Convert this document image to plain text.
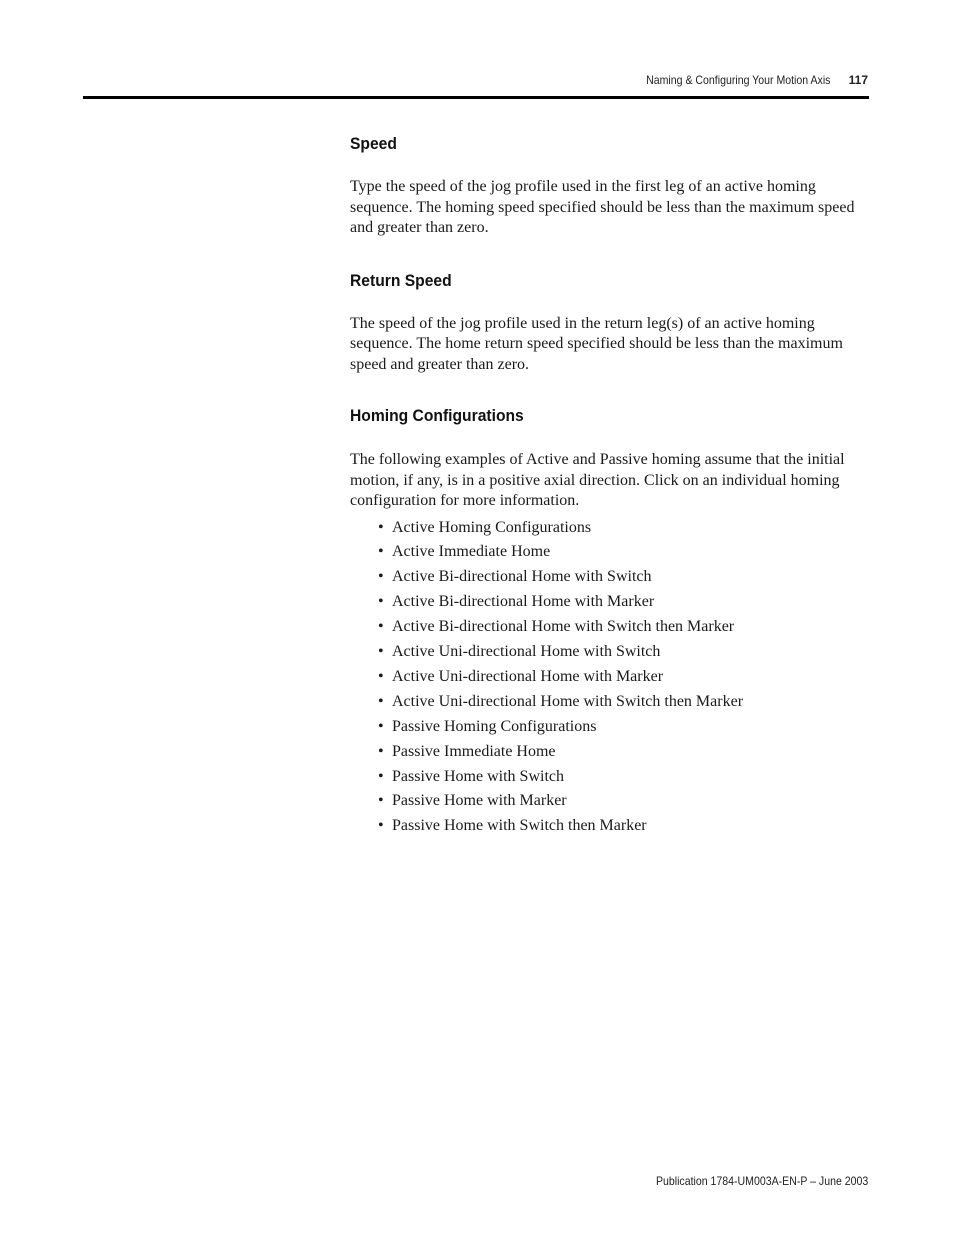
Naming & Configuring Your Motion Axis 117
Speed

Type the speed of the jog profile used in the first leg of an active homing sequence. The homing speed specified should be less than the maximum speed and greater than zero.

Return Speed

The speed of the jog profile used in the return leg(s) of an active homing sequence. The home return speed specified should be less than the maximum speed and greater than zero.

Homing Configurations

The following examples of Active and Passive homing assume that the initial motion, if any, is in a positive axial direction. Click on an individual homing configuration for more information.

• Active Homing Configurations
• Active Immediate Home
• Active Bi-directional Home with Switch
• Active Bi-directional Home with Marker
• Active Bi-directional Home with Switch then Marker
• Active Uni-directional Home with Switch
• Active Uni-directional Home with Marker
• Active Uni-directional Home with Switch then Marker
• Passive Homing Configurations
• Passive Immediate Home
• Passive Home with Switch
• Passive Home with Marker
• Passive Home with Switch then Marker
Publication 1784-UM003A-EN-P – June 2003
